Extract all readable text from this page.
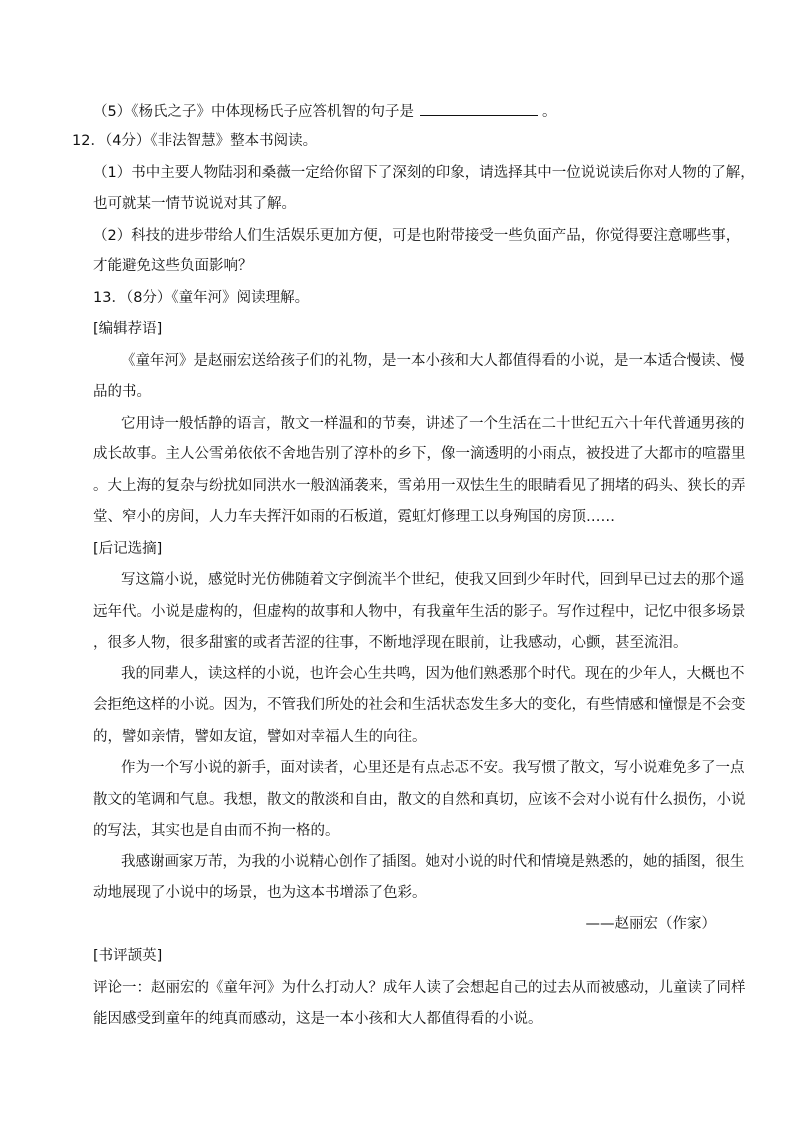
（5）《杨氏之子》中体现杨氏子应答机智的句子是	。
12．（4分）《非法智慧》整本书阅读。
（1）书中主要人物陆羽和桑薇一定给你留下了深刻的印象，请选择其中一位说说读后你对人物的了解，
也可就某一情节说说对其了解。
（2）科技的进步带给人们生活娱乐更加方便，可是也附带接受一些负面产品，你觉得要注意哪些事，
才能避免这些负面影响？
13．（8分）《童年河》阅读理解。
[编辑荐语]
《童年河》是赵丽宏送给孩子们的礼物，是一本小孩和大人都值得看的小说，是一本适合慢读、慢
品的书。
它用诗一般恬静的语言，散文一样温和的节奏，讲述了一个生活在二十世纪五六十年代普通男孩的
成长故事。主人公雪弟依依不舍地告别了淳朴的乡下，像一滴透明的小雨点，被投进了大都市的喧嚣里
。大上海的复杂与纷扰如同洪水一般汹涌袭来，雪弟用一双怯生生的眼睛看见了拥堵的码头、狭长的弄
堂、窄小的房间，人力车夫挥汗如雨的石板道，霓虹灯修理工以身殉国的房顶……
[后记选摘]
写这篇小说，感觉时光仿佛随着文字倒流半个世纪，使我又回到少年时代，回到早已过去的那个遥
远年代。小说是虚构的，但虚构的故事和人物中，有我童年生活的影子。写作过程中，记忆中很多场景
，很多人物，很多甜蜜的或者苦涩的往事，不断地浮现在眼前，让我感动，心颤，甚至流泪。
我的同辈人，读这样的小说，也许会心生共鸣，因为他们熟悉那个时代。现在的少年人，大概也不
会拒绝这样的小说。因为，不管我们所处的社会和生活状态发生多大的变化，有些情感和憧憬是不会变
的，譬如亲情，譬如友谊，譬如对幸福人生的向往。
作为一个写小说的新手，面对读者，心里还是有点忐忑不安。我写惯了散文，写小说难免多了一点
散文的笔调和气息。我想，散文的散淡和自由，散文的自然和真切，应该不会对小说有什么损伤，小说
的写法，其实也是自由而不拘一格的。
我感谢画家万芾，为我的小说精心创作了插图。她对小说的时代和情境是熟悉的，她的插图，很生
动地展现了小说中的场景，也为这本书增添了色彩。
——赵丽宏（作家）
[书评颉英]
评论一：赵丽宏的《童年河》为什么打动人？成年人读了会想起自己的过去从而被感动，儿童读了同样
能因感受到童年的纯真而感动，这是一本小孩和大人都值得看的小说。
